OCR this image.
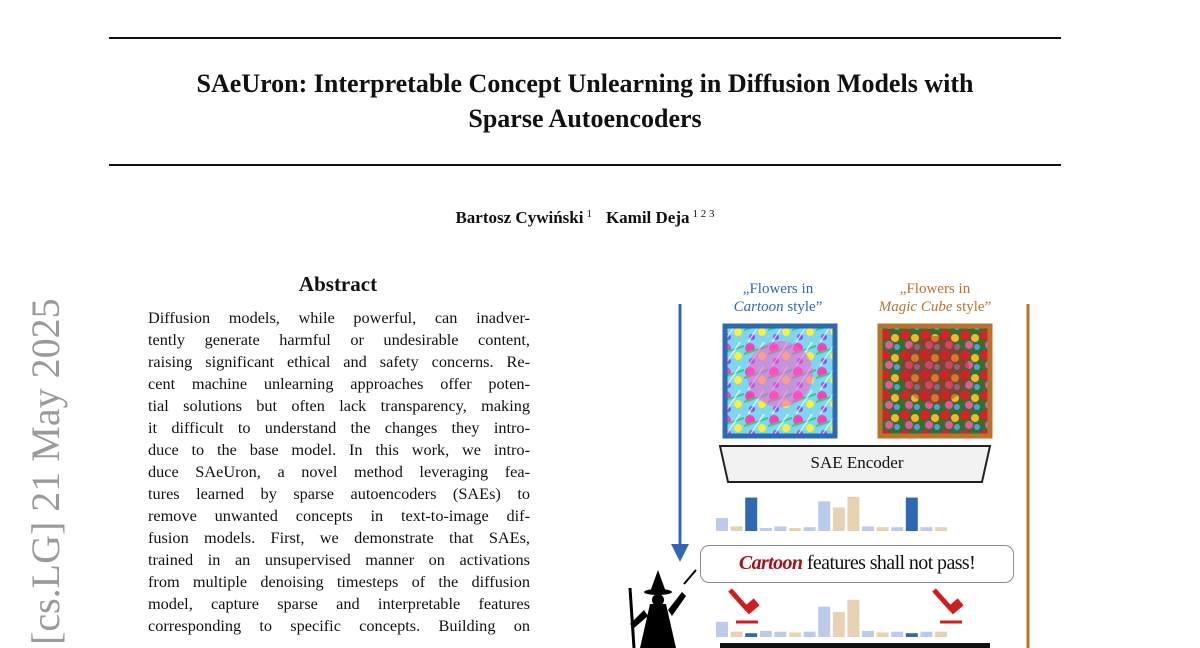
SAeUron: Interpretable Concept Unlearning in Diffusion Models with
Sparse Autoencoders
Bartosz Cywiński $^1$ Kamil Deja $^{1 2 3}$
[cs.LG] 21 May 2025
Abstract
Diffusion models, while powerful, can inadver-
tently generate harmful or undesirable content,
raising significant ethical and safety concerns. Re-
cent machine unlearning approaches offer poten-
tial solutions but often lack transparency, making
it difficult to understand the changes they intro-
duce to the base model. In this work, we intro-
duce SAeUron, a novel method leveraging fea-
tures learned by sparse autoencoders (SAEs) to
remove unwanted concepts in text-to-image dif-
fusion models. First, we demonstrate that SAEs,
trained in an unsupervised manner on activations
from multiple denoising timesteps of the diffusion
model, capture sparse and interpretable features
corresponding to specific concepts. Building on
„Flowers in
Cartoon style”
„Flowers in
Magic Cube style”
SAE Encoder
Cartoon features shall not pass!
